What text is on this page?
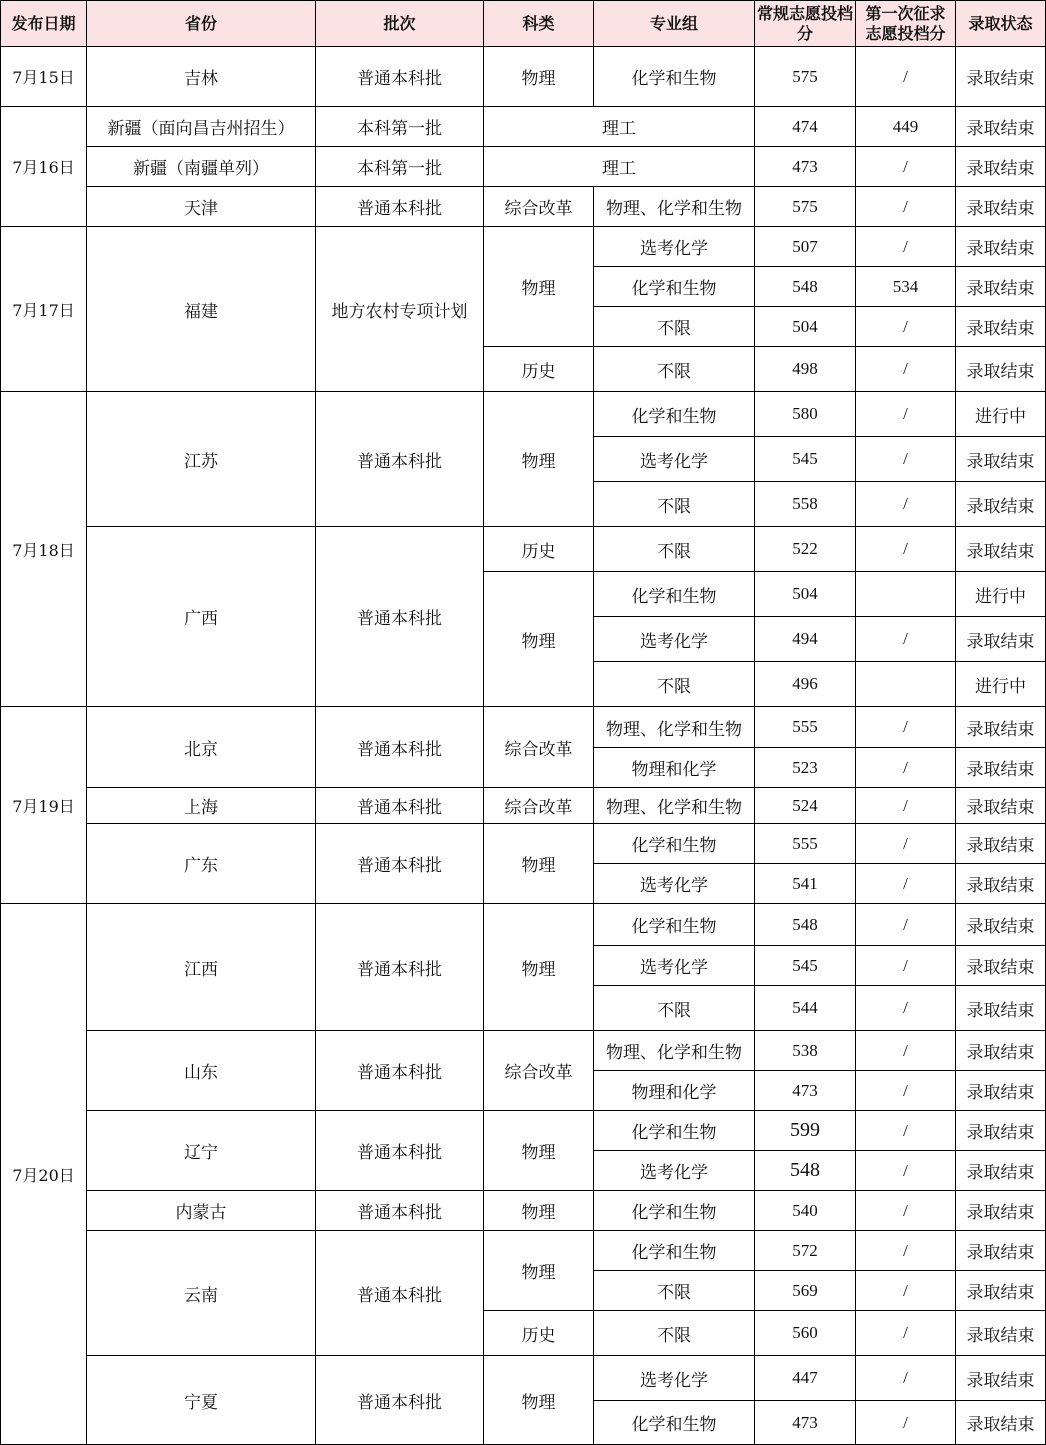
发布日期	省份	批次	科类	专业组	常规志愿投档分	第一次征求志愿投档分	录取状态
7月15日	吉林	普通本科批	物理	化学和生物	575	/	录取结束
7月16日	新疆（面向昌吉州招生）	本科第一批	理工		474	449	录取结束
	新疆（南疆单列）	本科第一批	理工		473	/	录取结束
	天津	普通本科批	综合改革	物理、化学和生物	575	/	录取结束
7月17日	福建	地方农村专项计划	物理	选考化学	507	/	录取结束
				化学和生物	548	534	录取结束
				不限	504	/	录取结束
			历史	不限	498	/	录取结束
7月18日	江苏	普通本科批	物理	化学和生物	580	/	进行中
				选考化学	545	/	录取结束
				不限	558	/	录取结束
	广西	普通本科批	历史	不限	522	/	录取结束
			物理	化学和生物	504		进行中
				选考化学	494	/	录取结束
				不限	496		进行中
7月19日	北京	普通本科批	综合改革	物理、化学和生物	555	/	录取结束
				物理和化学	523	/	录取结束
	上海	普通本科批	综合改革	物理、化学和生物	524	/	录取结束
	广东	普通本科批	物理	化学和生物	555	/	录取结束
				选考化学	541	/	录取结束
7月20日	江西	普通本科批	物理	化学和生物	548	/	录取结束
				选考化学	545	/	录取结束
				不限	544	/	录取结束
	山东	普通本科批	综合改革	物理、化学和生物	538	/	录取结束
				物理和化学	473	/	录取结束
	辽宁	普通本科批	物理	化学和生物	599	/	录取结束
				选考化学	548	/	录取结束
	内蒙古	普通本科批	物理	化学和生物	540	/	录取结束
	云南	普通本科批	物理	化学和生物	572	/	录取结束
				不限	569	/	录取结束
			历史	不限	560	/	录取结束
	宁夏	普通本科批	物理	选考化学	447	/	录取结束
				化学和生物	473	/	录取结束
